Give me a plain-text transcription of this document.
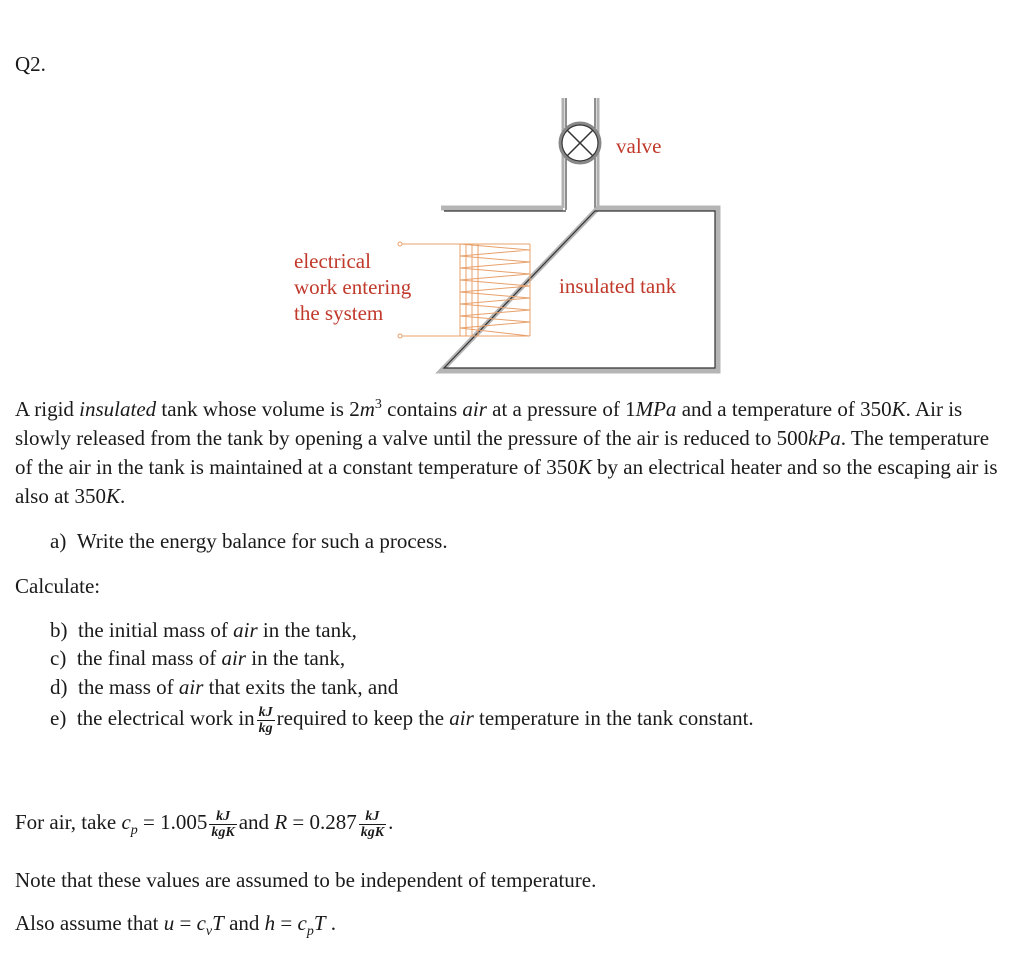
Q2.
valve
insulated tank
electrical
work entering
the system
A rigid insulated tank whose volume is $2m^3$ contains air at a pressure of 1MPa and a temperature of 350K. Air is slowly released from the tank by opening a valve until the pressure of the air is reduced to 500kPa. The temperature of the air in the tank is maintained at a constant temperature of 350K by an electrical heater and so the escaping air is also at 350K.
a) Write the energy balance for such a process.
Calculate:
b) the initial mass of air in the tank,
c) the final mass of air in the tank,
d) the mass of air that exits the tank, and
e) the electrical work in $\frac{kJ}{kg}$ required to keep the air temperature in the tank constant.
For air, take $c_p = 1.005 \frac{kJ}{\text{kgK}}$ and $R = 0.287 \frac{kJ}{\text{kgK}}$ .
Note that these values are assumed to be independent of temperature.
Also assume that $u = c_vT$ and $h = c_pT$ .
